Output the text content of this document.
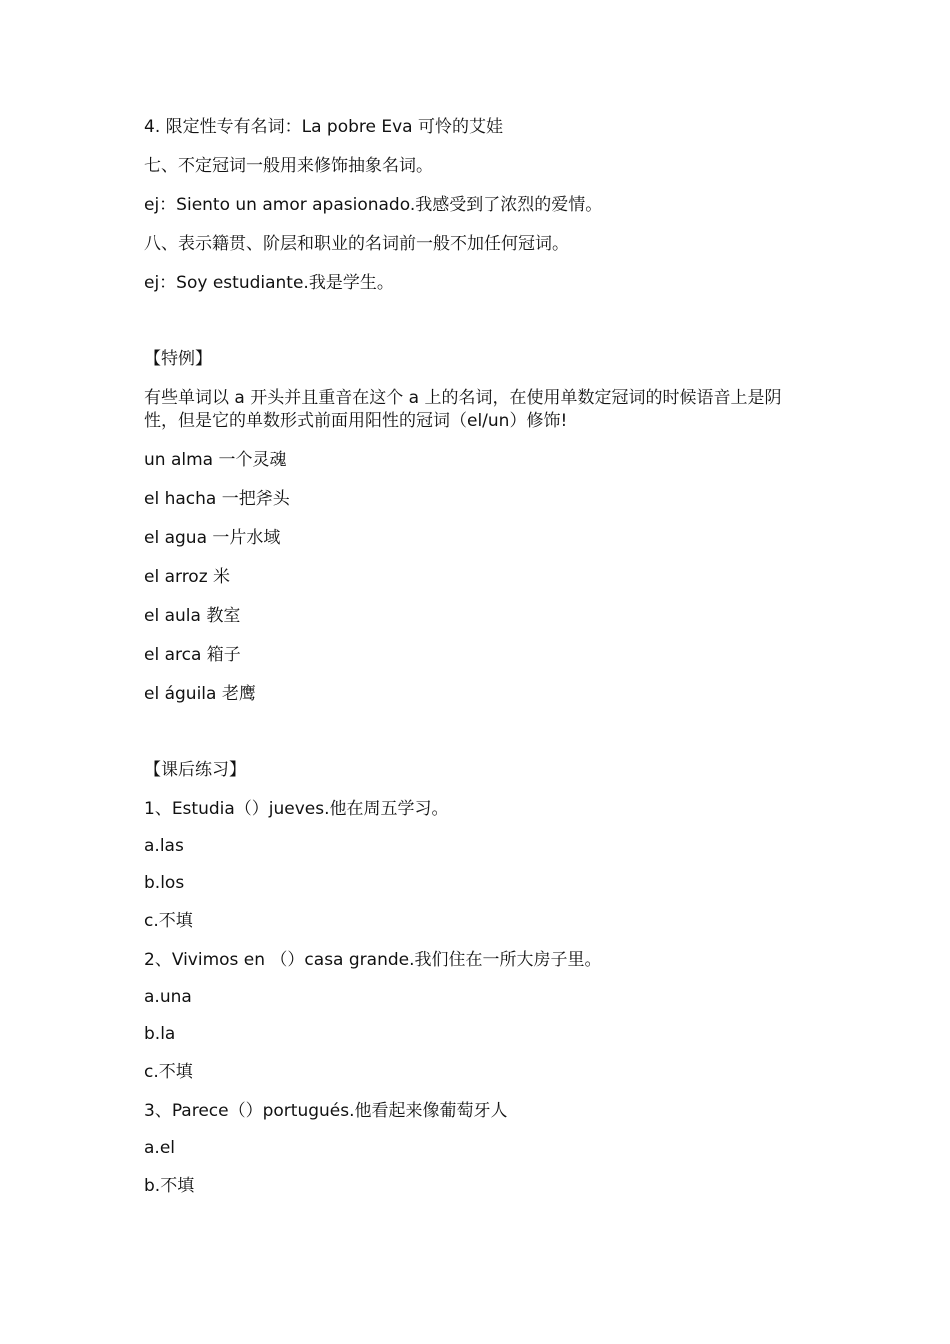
4. 限定性专有名词：La pobre Eva 可怜的艾娃
七、不定冠词一般用来修饰抽象名词。
ej：Siento un amor apasionado.我感受到了浓烈的爱情。
八、表示籍贯、阶层和职业的名词前一般不加任何冠词。
ej：Soy estudiante.我是学生。
【特例】
有些单词以 a 开头并且重音在这个 a 上的名词，在使用单数定冠词的时候语音上是阴性，但是它的单数形式前面用阳性的冠词（el/un）修饰!
un alma 一个灵魂
el hacha 一把斧头
el agua 一片水域
el arroz 米
el aula 教室
el arca 箱子
el águila 老鹰
【课后练习】
1、Estudia（）jueves.他在周五学习。
a.las
b.los
c.不填
2、Vivimos en （）casa grande.我们住在一所大房子里。
a.una
b.la
c.不填
3、Parece（）portugués.他看起来像葡萄牙人
a.el
b.不填
